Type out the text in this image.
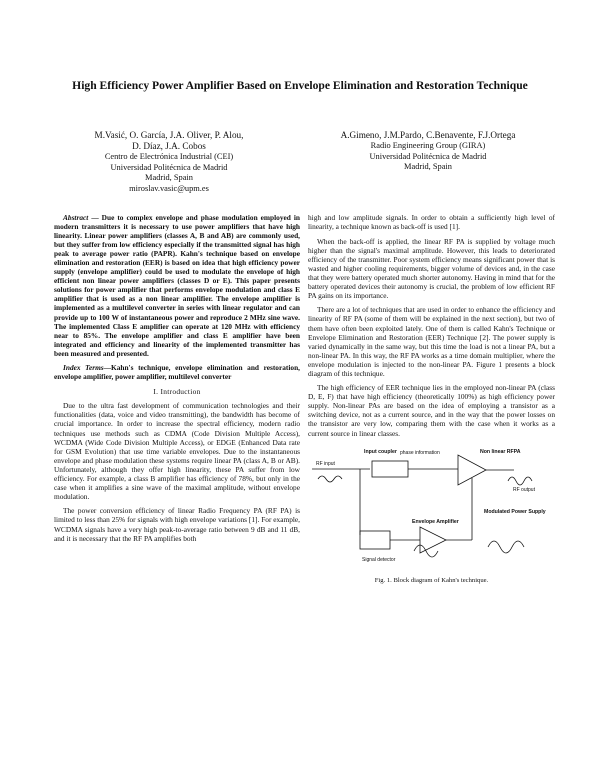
High Efficiency Power Amplifier Based on Envelope Elimination and Restoration Technique
M.Vasić, O. García, J.A. Oliver, P. Alou,
D. Díaz, J.A. Cobos
Centro de Electrónica Industrial (CEI)
Universidad Politécnica de Madrid
Madrid, Spain
miroslav.vasic@upm.es
A.Gimeno, J.M.Pardo, C.Benavente, F.J.Ortega
Radio Engineering Group (GIRA)
Universidad Politécnica de Madrid
Madrid, Spain

Abstract — Due to complex envelope and phase modulation employed in modern transmitters it is necessary to use power amplifiers that have high linearity. Linear power amplifiers (classes A, B and AB) are commonly used, but they suffer from low efficiency especially if the transmitted signal has high peak to average power ratio (PAPR). Kahn's technique based on envelope elimination and restoration (EER) is based on idea that high efficiency power supply (envelope amplifier) could be used to modulate the envelope of high efficient non linear power amplifiers (classes D or E). This paper presents solutions for power amplifier that performs envelope modulation and class E amplifier that is used as a non linear amplifier. The envelope amplifier is implemented as a multilevel converter in series with linear regulator and can provide up to 100 W of instantaneous power and reproduce 2 MHz sine wave. The implemented Class E amplifier can operate at 120 MHz with efficiency near to 85%. The envelope amplifier and class E amplifier have been integrated and efficiency and linearity of the implemented transmitter has been measured and presented.

Index Terms—Kahn's technique, envelope elimination and restoration, envelope amplifier, power amplifier, multilevel converter

I. Introduction

Due to the ultra fast development of communication technologies and their functionalities (data, voice and video transmitting), the bandwidth has become of crucial importance. In order to increase the spectral efficiency, modern radio techniques use methods such as CDMA (Code Division Multiple Access), WCDMA (Wide Code Division Multiple Access), or EDGE (Enhanced Data rate for GSM Evolution) that use time variable envelopes. Due to the instantaneous envelope and phase modulation these systems require linear PA (class A, B or AB). Unfortunately, although they offer high linearity, these PA suffer from low efficiency. For example, a class B amplifier has efficiency of 78%, but only in the case when it amplifies a sine wave of the maximal amplitude, without envelope modulation.

The power conversion efficiency of linear Radio Frequency PA (RF PA) is limited to less than 25% for signals with high envelope variations [1]. For example, WCDMA signals have a very high peak-to-average ratio between 9 dB and 11 dB, and it is necessary that the RF PA amplifies both

high and low amplitude signals. In order to obtain a sufficiently high level of linearity, a technique known as back-off is used [1].

When the back-off is applied, the linear RF PA is supplied by voltage much higher than the signal's maximal amplitude. However, this leads to deteriorated efficiency of the transmitter. Poor system efficiency means significant power that is wasted and higher cooling requirements, bigger volume of devices and, in the case that they were battery operated much shorter autonomy. Having in mind that for the battery operated devices their autonomy is crucial, the problem of low efficient RF PA gains on its importance.

There are a lot of techniques that are used in order to enhance the efficiency and linearity of RF PA (some of them will be explained in the next section), but two of them have often been exploited lately. One of them is called Kahn's Technique or Envelope Elimination and Restoration (EER) Technique [2]. The power supply is varied dynamically in the same way, but this time the load is not a linear PA, but a non-linear PA. In this way, the RF PA works as a time domain multiplier, where the envelope modulation is injected to the non-linear PA. Figure 1 presents a block diagram of this technique.

The high efficiency of EER technique lies in the employed non-linear PA (class D, E, F) that have high efficiency (theoretically 100%) as high efficiency power supply. Non-linear PAs are based on the idea of employing a transistor as a switching device, not as a current source, and in the way that the power losses on the transistor are very low, comparing them with the case when it works as a current source in linear classes.

Input coupler phase information	Non linear RFPA
RF input
RF output
Modulated Power Supply
Signal detector
Envelope Amplifier
Fig. 1. Block diagram of Kahn's technique.
